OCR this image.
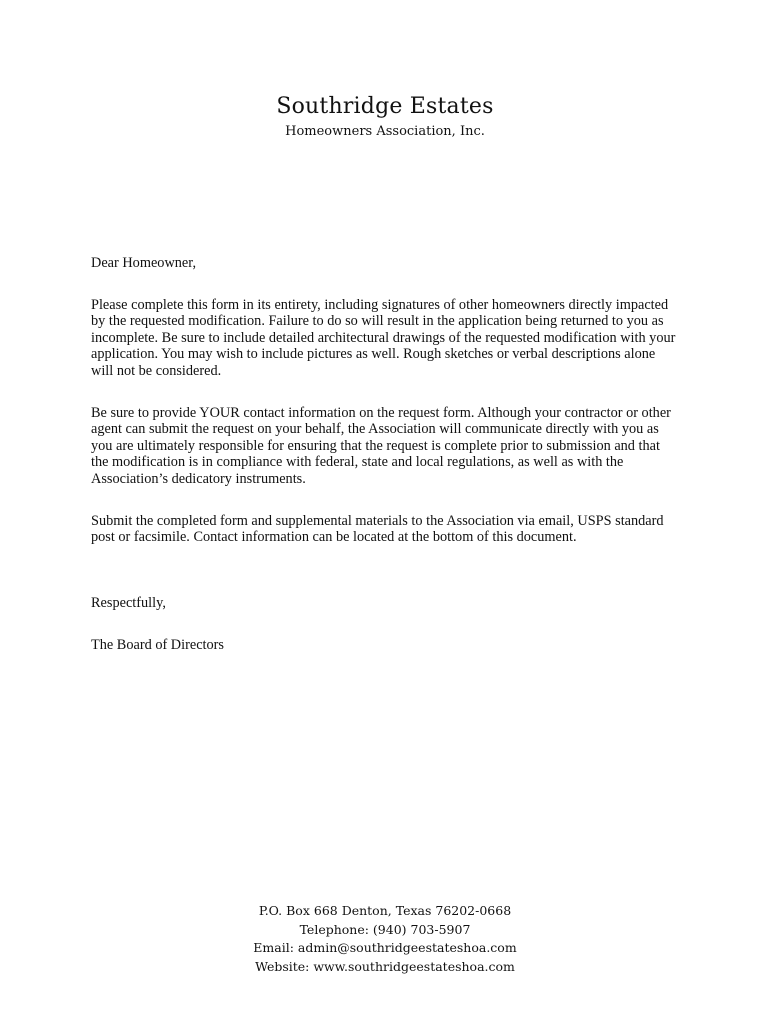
Southridge Estates
Homeowners Association, Inc.
Dear Homeowner,
Please complete this form in its entirety, including signatures of other homeowners directly impacted by the requested modification. Failure to do so will result in the application being returned to you as incomplete. Be sure to include detailed architectural drawings of the requested modification with your application. You may wish to include pictures as well. Rough sketches or verbal descriptions alone will not be considered.
Be sure to provide YOUR contact information on the request form. Although your contractor or other agent can submit the request on your behalf, the Association will communicate directly with you as you are ultimately responsible for ensuring that the request is complete prior to submission and that the modification is in compliance with federal, state and local regulations, as well as with the Association’s dedicatory instruments.
Submit the completed form and supplemental materials to the Association via email, USPS standard post or facsimile. Contact information can be located at the bottom of this document.
Respectfully,
The Board of Directors
P.O. Box 668 Denton, Texas 76202-0668
Telephone: (940) 703-5907
Email: admin@southridgeestateshoa.com
Website: www.southridgeestateshoa.com
